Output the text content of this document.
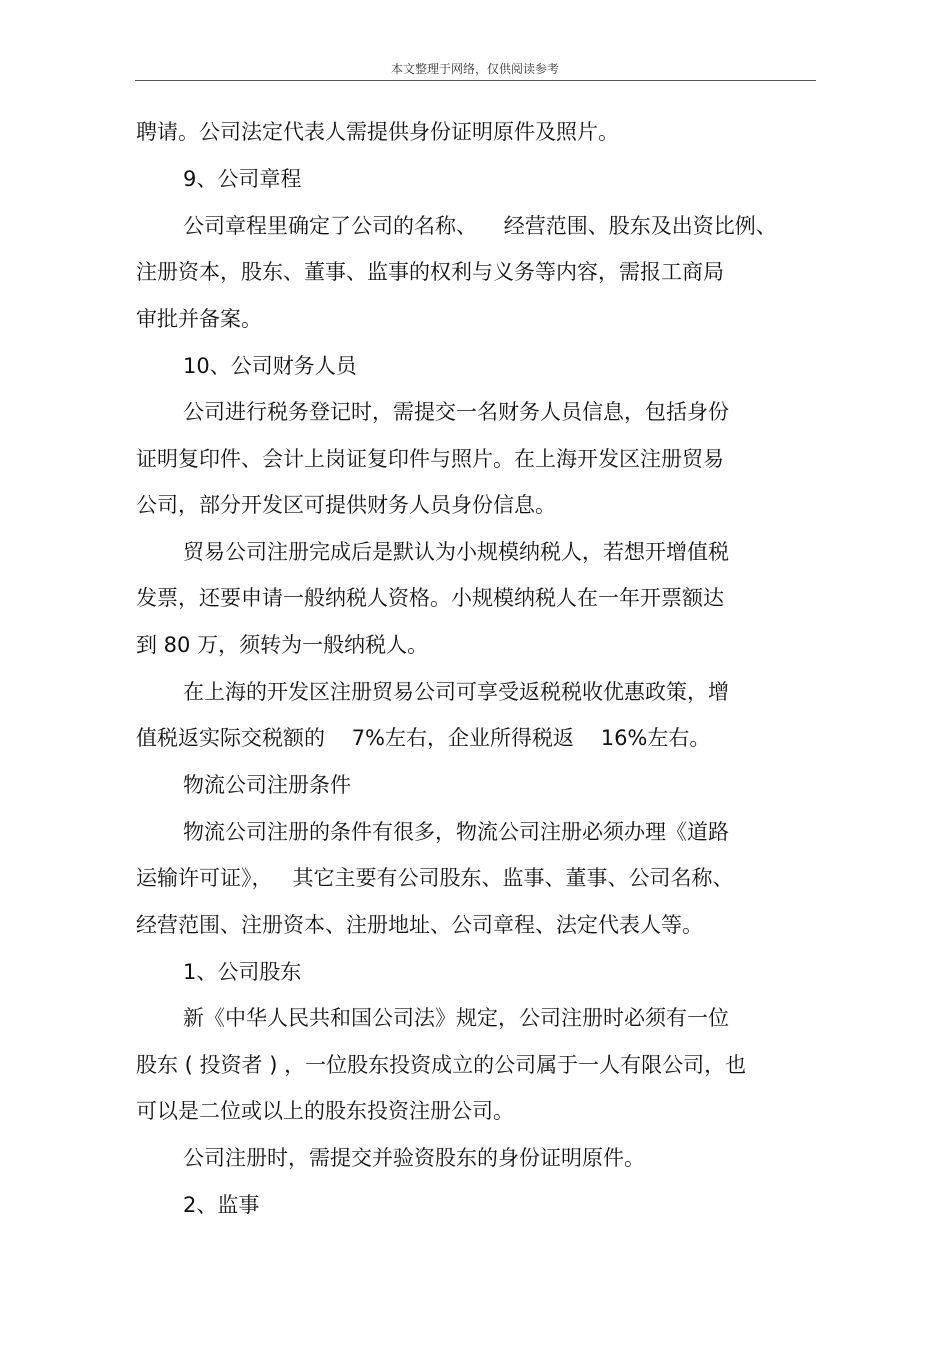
本文整理于网络，仅供阅读参考
聘请。公司法定代表人需提供身份证明原件及照片。
9、公司章程
公司章程里确定了公司的名称、    经营范围、股东及出资比例、
注册资本，股东、董事、监事的权利与义务等内容，需报工商局
审批并备案。
10、公司财务人员
公司进行税务登记时，需提交一名财务人员信息，包括身份
证明复印件、会计上岗证复印件与照片。在上海开发区注册贸易
公司，部分开发区可提供财务人员身份信息。
贸易公司注册完成后是默认为小规模纳税人，若想开增值税
发票，还要申请一般纳税人资格。小规模纳税人在一年开票额达
到 80 万，须转为一般纳税人。
在上海的开发区注册贸易公司可享受返税税收优惠政策，增
值税返实际交税额的    7%左右，企业所得税返    16%左右。
物流公司注册条件
物流公司注册的条件有很多，物流公司注册必须办理《道路
运输许可证》，   其它主要有公司股东、监事、董事、公司名称、
经营范围、注册资本、注册地址、公司章程、法定代表人等。
1、公司股东
新《中华人民共和国公司法》规定，公司注册时必须有一位
股东 ( 投资者 ) ，一位股东投资成立的公司属于一人有限公司，也
可以是二位或以上的股东投资注册公司。
公司注册时，需提交并验资股东的身份证明原件。
2、监事
